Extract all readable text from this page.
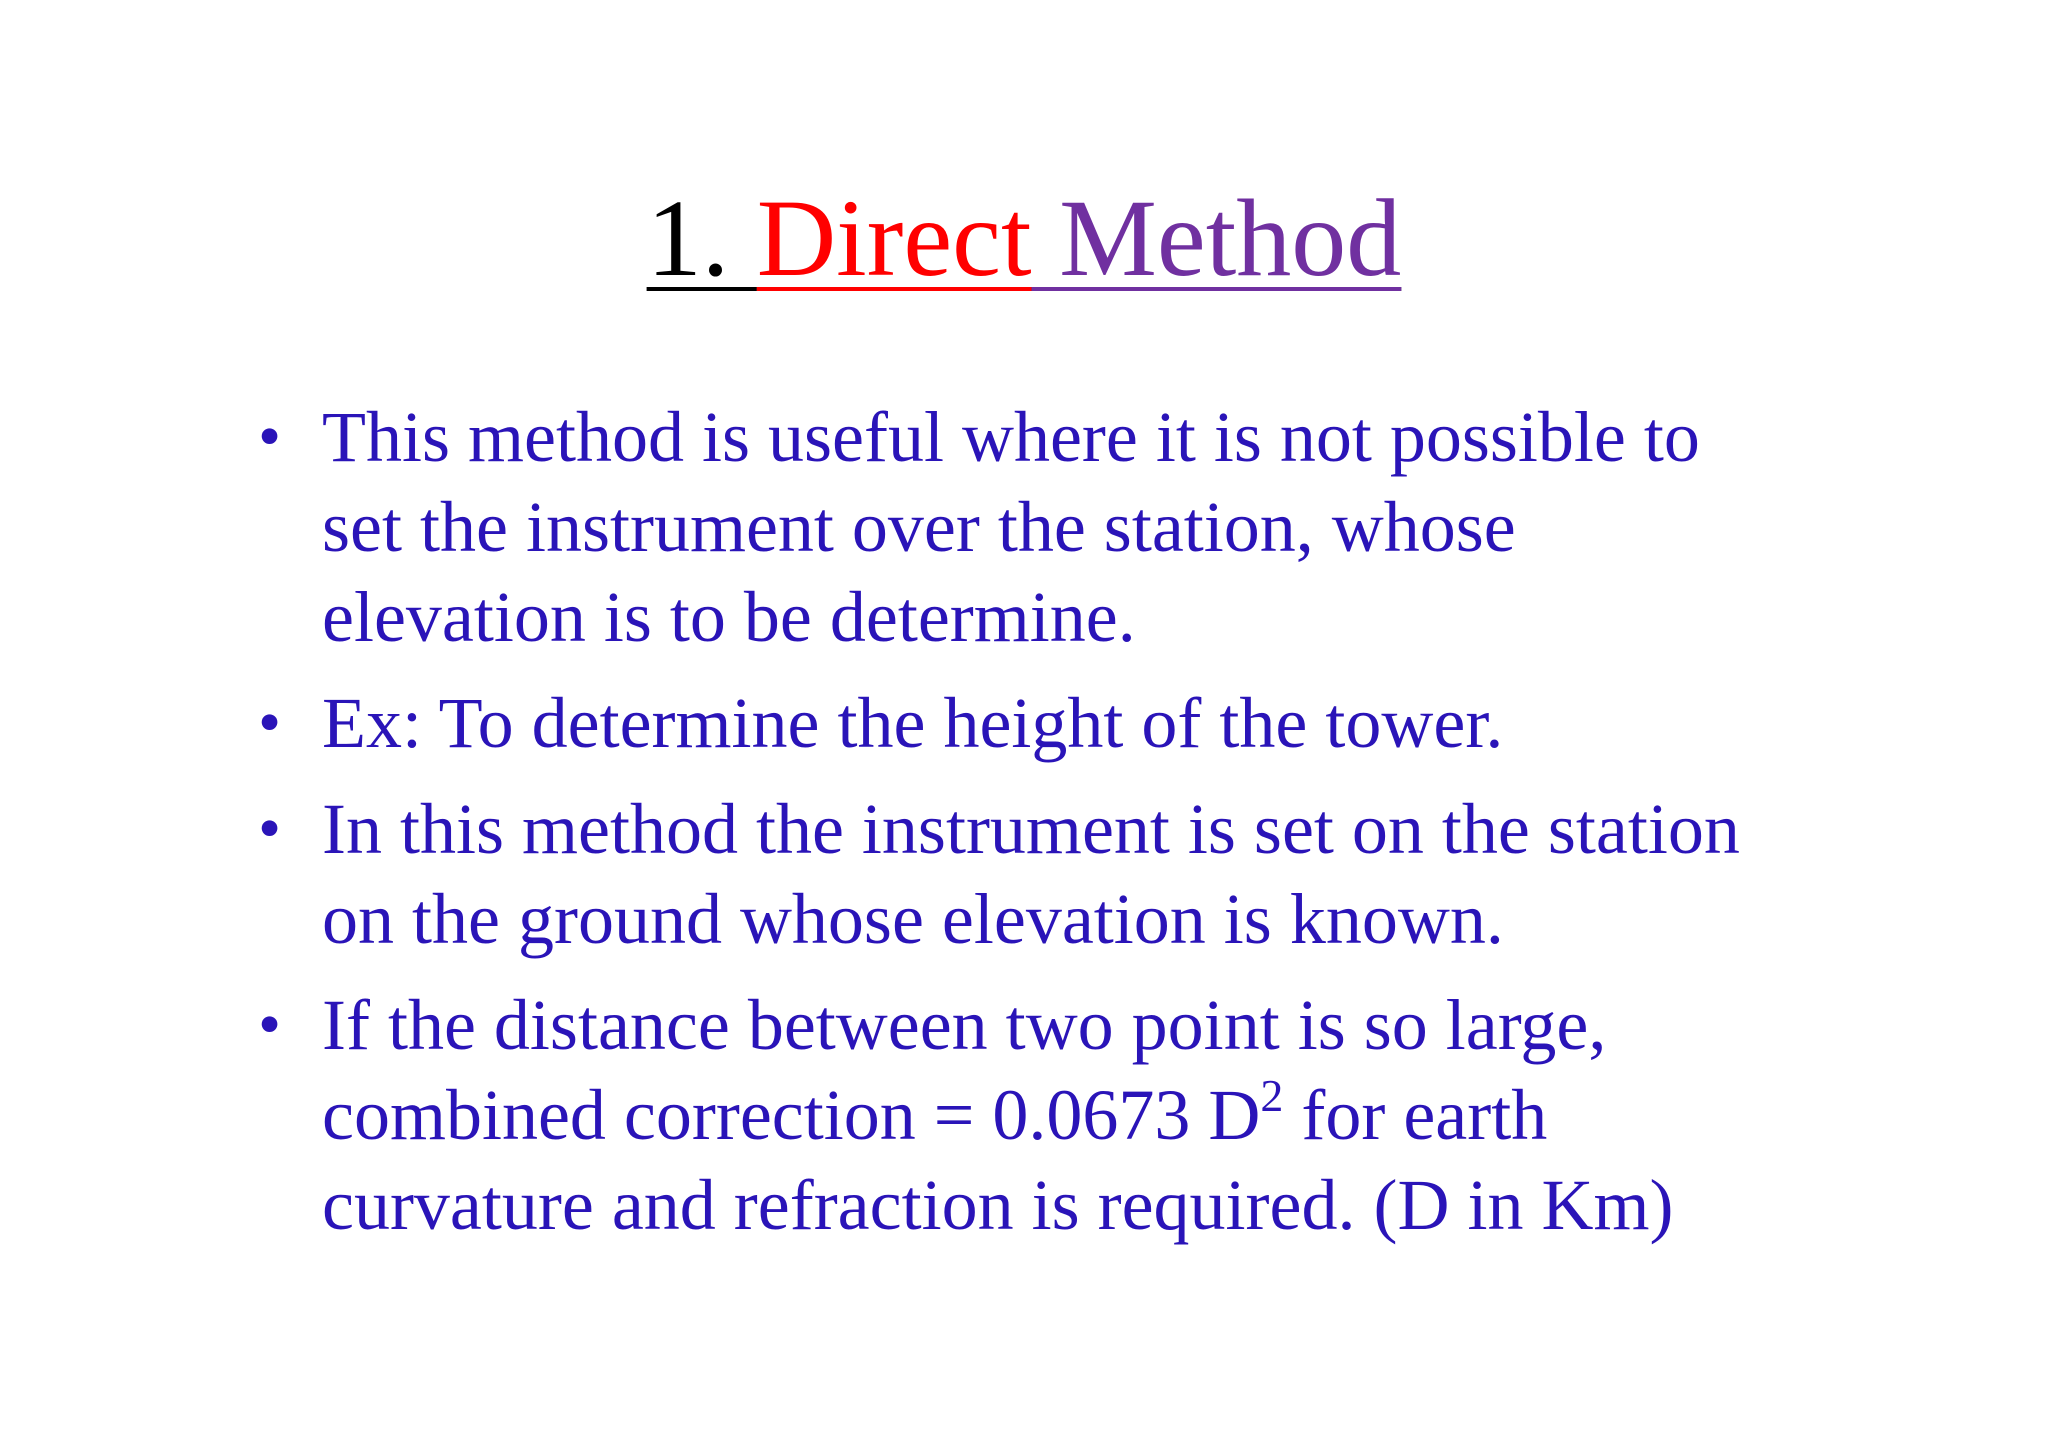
1. Direct Method
• This method is useful where it is not possible to
set the instrument over the station, whose
elevation is to be determine.
• Ex: To determine the height of the tower.
• In this method the instrument is set on the station
on the ground whose elevation is known.
• If the distance between two point is so large,
combined correction = 0.0673 $D^2$ for earth
curvature and refraction is required. (D in Km)
